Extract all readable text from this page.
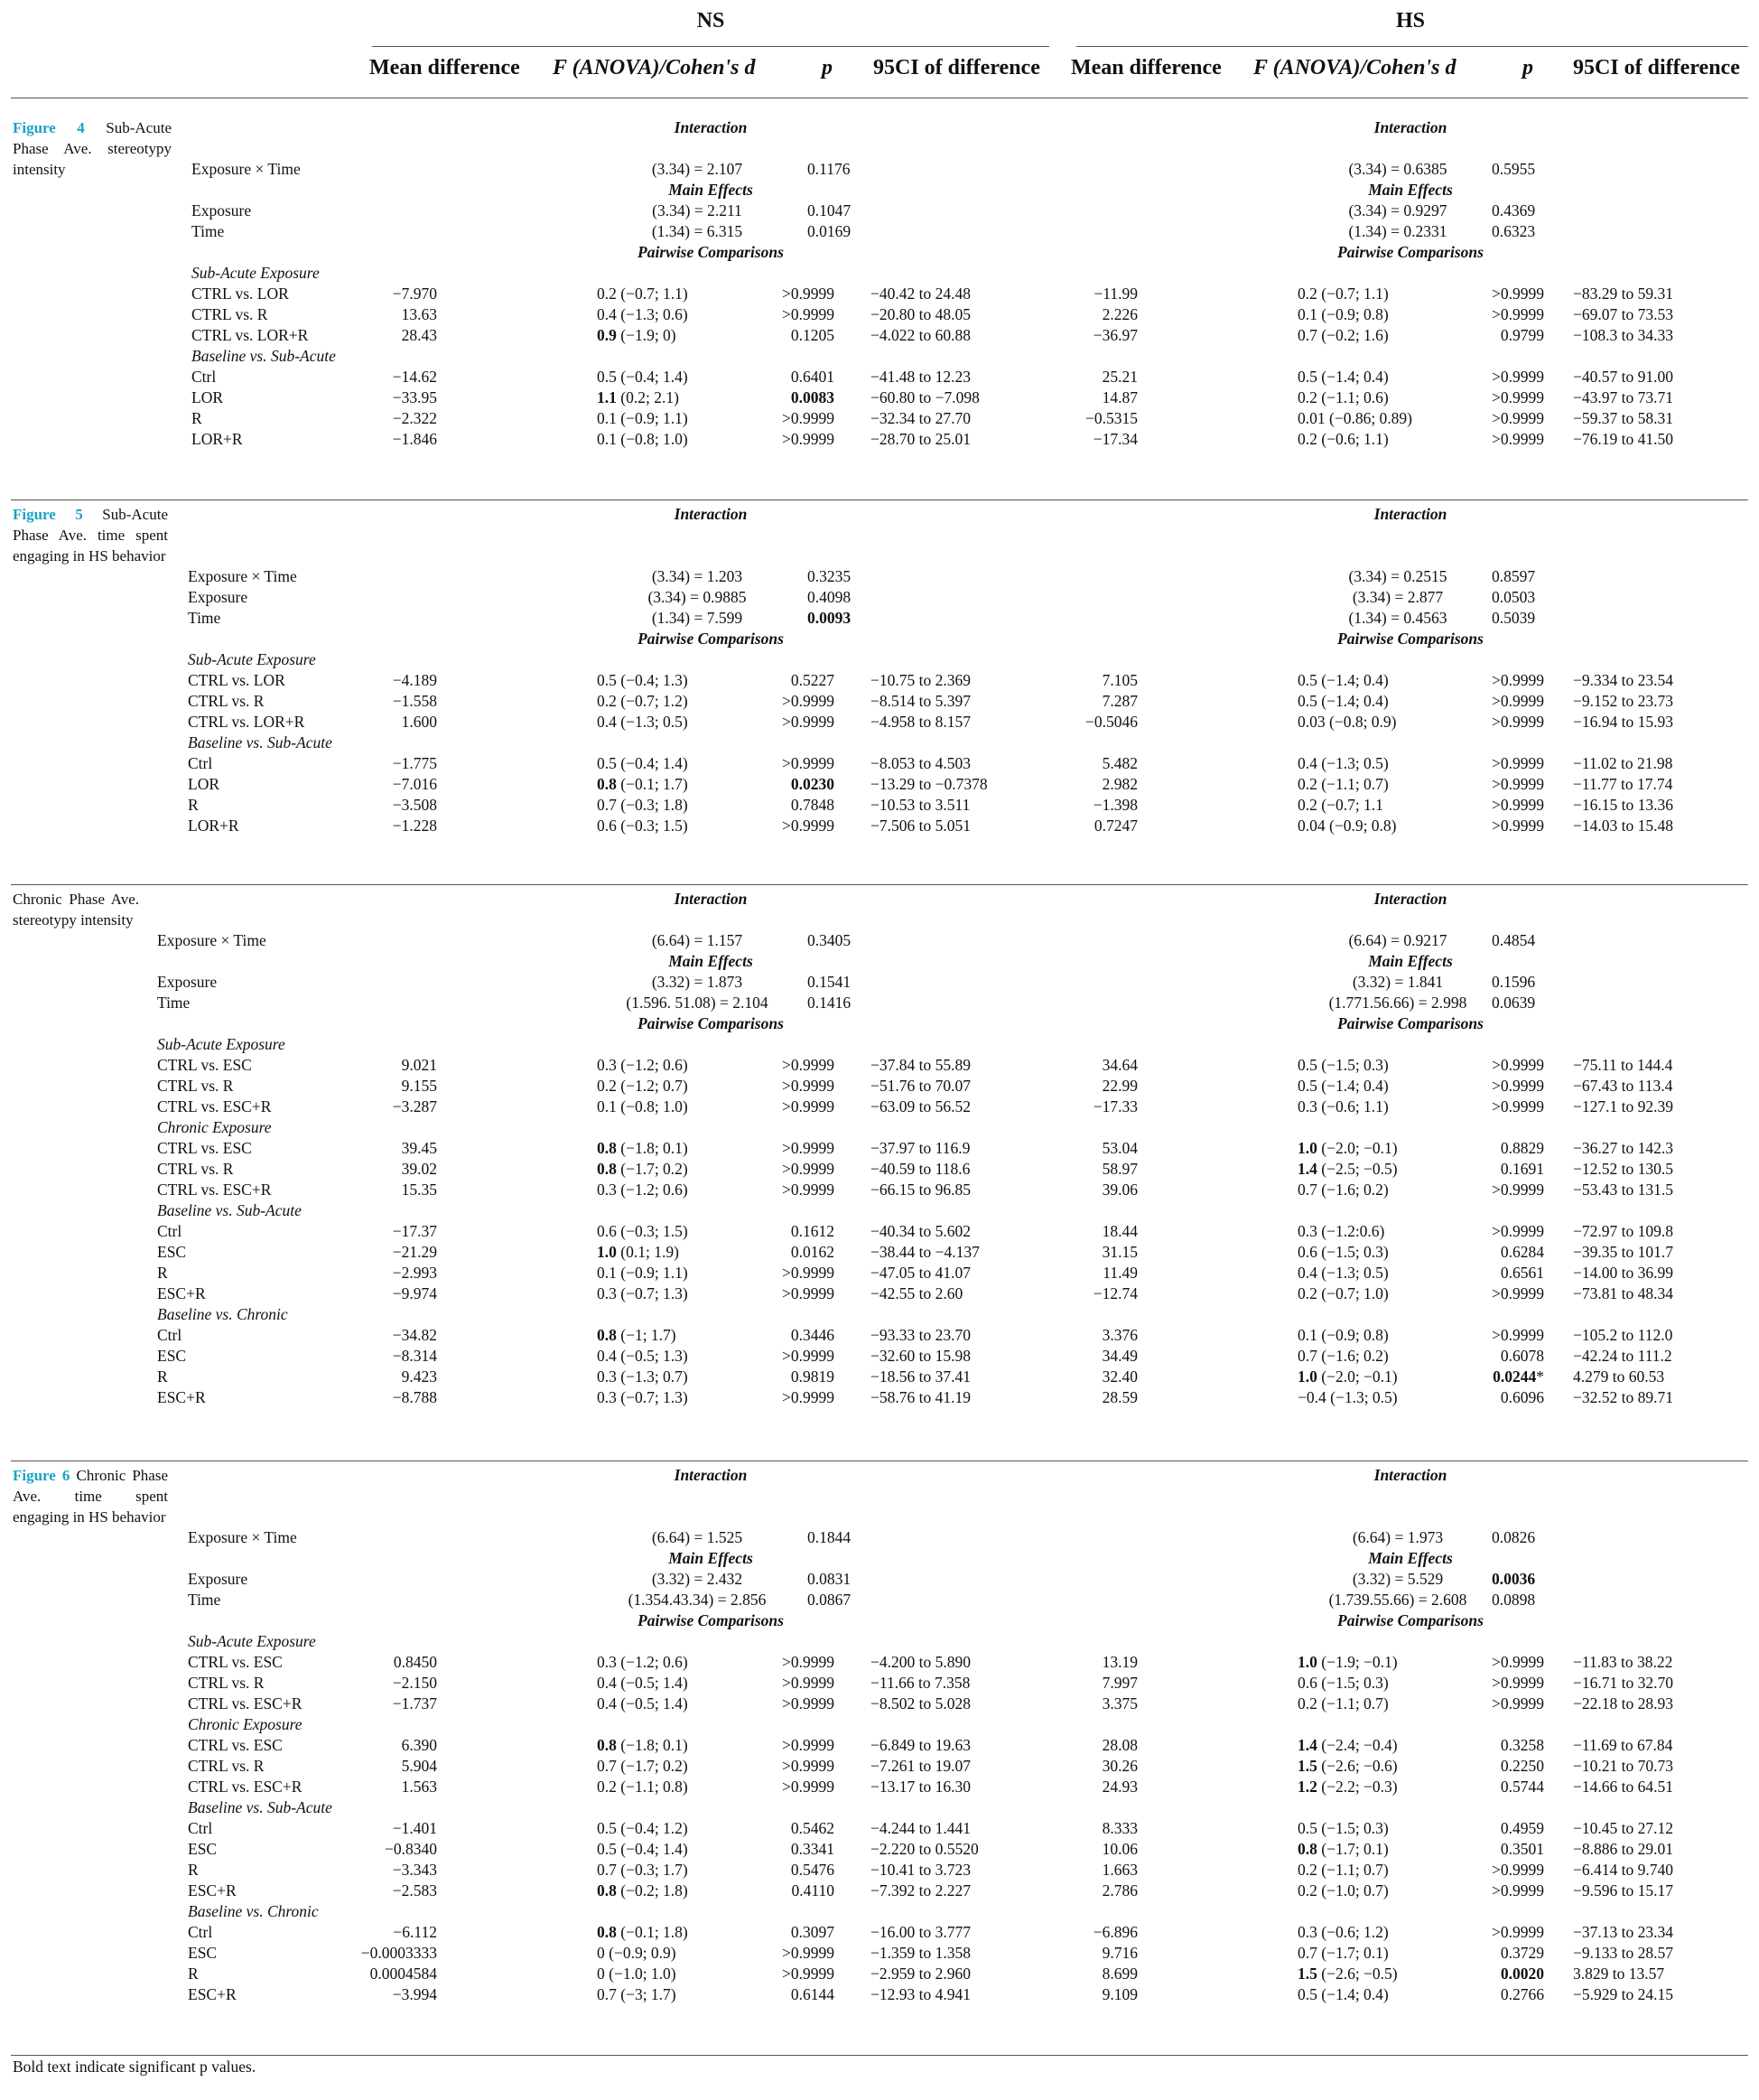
NS	HS
Mean difference F (ANOVA)/Cohen's d	p 95CI of difference Mean difference F (ANOVA)/Cohen's d	p 95CI of difference
Figure 4 Sub-Acute Phase Ave. stereotypy intensity
Interaction	Interaction
Exposure × Time	(3.34) = 2.107	0.1176	(3.34) = 0.6385	0.5955
Main Effects	Main Effects
Exposure	(3.34) = 2.211	0.1047	(3.34) = 0.9297	0.4369
Time	(1.34) = 6.315	0.0169	(1.34) = 0.2331	0.6323
Pairwise Comparisons	Pairwise Comparisons
Sub-Acute Exposure
CTRL vs. LOR	−7.970	0.2 (−0.7; 1.1)	>0.9999 −40.42 to 24.48	−11.99	0.2 (−0.7; 1.1)	>0.9999 −83.29 to 59.31
CTRL vs. R	13.63	0.4 (−1.3; 0.6)	>0.9999 −20.80 to 48.05	2.226	0.1 (−0.9; 0.8)	>0.9999 −69.07 to 73.53
CTRL vs. LOR+R	28.43	0.9 (−1.9; 0)	0.1205 −4.022 to 60.88	−36.97	0.7 (−0.2; 1.6)	0.9799 −108.3 to 34.33
Baseline vs. Sub-Acute
Ctrl	−14.62	0.5 (−0.4; 1.4)	0.6401 −41.48 to 12.23	25.21	0.5 (−1.4; 0.4)	>0.9999 −40.57 to 91.00
LOR	−33.95	1.1 (0.2; 2.1)	0.0083 −60.80 to −7.098	14.87	0.2 (−1.1; 0.6)	>0.9999 −43.97 to 73.71
R	−2.322	0.1 (−0.9; 1.1)	>0.9999 −32.34 to 27.70	−0.5315	0.01 (−0.86; 0.89)	>0.9999 −59.37 to 58.31
LOR+R	−1.846	0.1 (−0.8; 1.0)	>0.9999 −28.70 to 25.01	−17.34	0.2 (−0.6; 1.1)	>0.9999 −76.19 to 41.50
Figure 5 Sub-Acute Phase Ave. time spent engaging in HS behavior
Interaction	Interaction
Exposure × Time	(3.34) = 1.203	0.3235	(3.34) = 0.2515	0.8597
Exposure	(3.34) = 0.9885	0.4098	(3.34) = 2.877	0.0503
Time	(1.34) = 7.599	0.0093	(1.34) = 0.4563	0.5039
Pairwise Comparisons	Pairwise Comparisons
Sub-Acute Exposure
CTRL vs. LOR	−4.189	0.5 (−0.4; 1.3)	0.5227 −10.75 to 2.369	7.105	0.5 (−1.4; 0.4)	>0.9999 −9.334 to 23.54
CTRL vs. R	−1.558	0.2 (−0.7; 1.2)	>0.9999 −8.514 to 5.397	7.287	0.5 (−1.4; 0.4)	>0.9999 −9.152 to 23.73
CTRL vs. LOR+R	1.600	0.4 (−1.3; 0.5)	>0.9999 −4.958 to 8.157	−0.5046	0.03 (−0.8; 0.9)	>0.9999 −16.94 to 15.93
Baseline vs. Sub-Acute
Ctrl	−1.775	0.5 (−0.4; 1.4)	>0.9999 −8.053 to 4.503	5.482	0.4 (−1.3; 0.5)	>0.9999 −11.02 to 21.98
LOR	−7.016	0.8 (−0.1; 1.7)	0.0230 −13.29 to −0.7378	2.982	0.2 (−1.1; 0.7)	>0.9999 −11.77 to 17.74
R	−3.508	0.7 (−0.3; 1.8)	0.7848 −10.53 to 3.511	−1.398	0.2 (−0.7; 1.1	>0.9999 −16.15 to 13.36
LOR+R	−1.228	0.6 (−0.3; 1.5)	>0.9999 −7.506 to 5.051	0.7247	0.04 (−0.9; 0.8)	>0.9999 −14.03 to 15.48
Chronic Phase Ave. stereotypy intensity
Interaction	Interaction
Exposure × Time	(6.64) = 1.157	0.3405	(6.64) = 0.9217	0.4854
Main Effects	Main Effects
Exposure	(3.32) = 1.873	0.1541	(3.32) = 1.841	0.1596
Time	(1.596. 51.08) = 2.104 0.1416	(1.771.56.66) = 2.998 0.0639
Pairwise Comparisons	Pairwise Comparisons
Sub-Acute Exposure
CTRL vs. ESC	9.021	0.3 (−1.2; 0.6)	>0.9999 −37.84 to 55.89	34.64	0.5 (−1.5; 0.3)	>0.9999 −75.11 to 144.4
CTRL vs. R	9.155	0.2 (−1.2; 0.7)	>0.9999 −51.76 to 70.07	22.99	0.5 (−1.4; 0.4)	>0.9999 −67.43 to 113.4
CTRL vs. ESC+R	−3.287	0.1 (−0.8; 1.0)	>0.9999 −63.09 to 56.52	−17.33	0.3 (−0.6; 1.1)	>0.9999 −127.1 to 92.39
Chronic Exposure
CTRL vs. ESC	39.45	0.8 (−1.8; 0.1)	>0.9999 −37.97 to 116.9	53.04	1.0 (−2.0; −0.1)	0.8829 −36.27 to 142.3
CTRL vs. R	39.02	0.8 (−1.7; 0.2)	>0.9999 −40.59 to 118.6	58.97	1.4 (−2.5; −0.5)	0.1691 −12.52 to 130.5
CTRL vs. ESC+R	15.35	0.3 (−1.2; 0.6)	>0.9999 −66.15 to 96.85	39.06	0.7 (−1.6; 0.2)	>0.9999 −53.43 to 131.5
Baseline vs. Sub-Acute
Ctrl	−17.37	0.6 (−0.3; 1.5)	0.1612 −40.34 to 5.602	18.44	0.3 (−1.2:0.6)	>0.9999 −72.97 to 109.8
ESC	−21.29	1.0 (0.1; 1.9)	0.0162 −38.44 to −4.137	31.15	0.6 (−1.5; 0.3)	0.6284 −39.35 to 101.7
R	−2.993	0.1 (−0.9; 1.1)	>0.9999 −47.05 to 41.07	11.49	0.4 (−1.3; 0.5)	0.6561 −14.00 to 36.99
ESC+R	−9.974	0.3 (−0.7; 1.3)	>0.9999 −42.55 to 2.60	−12.74	0.2 (−0.7; 1.0)	>0.9999 −73.81 to 48.34
Baseline vs. Chronic
Ctrl	−34.82	0.8 (−1; 1.7)	0.3446 −93.33 to 23.70	3.376	0.1 (−0.9; 0.8)	>0.9999 −105.2 to 112.0
ESC	−8.314	0.4 (−0.5; 1.3)	>0.9999 −32.60 to 15.98	34.49	0.7 (−1.6; 0.2)	0.6078 −42.24 to 111.2
R	9.423	0.3 (−1.3; 0.7)	0.9819 −18.56 to 37.41	32.40	1.0 (−2.0; −0.1)	0.0244* 4.279 to 60.53
ESC+R	−8.788	0.3 (−0.7; 1.3)	>0.9999 −58.76 to 41.19	28.59	−0.4 (−1.3; 0.5)	0.6096 −32.52 to 89.71
Figure 6 Chronic Phase Ave. time spent engaging in HS behavior
Interaction	Interaction
Exposure × Time	(6.64) = 1.525	0.1844	(6.64) = 1.973	0.0826
Main Effects	Main Effects
Exposure	(3.32) = 2.432	0.0831	(3.32) = 5.529	0.0036
Time	(1.354.43.34) = 2.856	0.0867	(1.739.55.66) = 2.608 0.0898
Pairwise Comparisons	Pairwise Comparisons
Sub-Acute Exposure
CTRL vs. ESC	0.8450	0.3 (−1.2; 0.6)	>0.9999 −4.200 to 5.890	13.19	1.0 (−1.9; −0.1)	>0.9999 −11.83 to 38.22
CTRL vs. R	−2.150	0.4 (−0.5; 1.4)	>0.9999 −11.66 to 7.358	7.997	0.6 (−1.5; 0.3)	>0.9999 −16.71 to 32.70
CTRL vs. ESC+R	−1.737	0.4 (−0.5; 1.4)	>0.9999 −8.502 to 5.028	3.375	0.2 (−1.1; 0.7)	>0.9999 −22.18 to 28.93
Chronic Exposure
CTRL vs. ESC	6.390	0.8 (−1.8; 0.1)	>0.9999 −6.849 to 19.63	28.08	1.4 (−2.4; −0.4)	0.3258 −11.69 to 67.84
CTRL vs. R	5.904	0.7 (−1.7; 0.2)	>0.9999 −7.261 to 19.07	30.26	1.5 (−2.6; −0.6)	0.2250 −10.21 to 70.73
CTRL vs. ESC+R	1.563	0.2 (−1.1; 0.8)	>0.9999 −13.17 to 16.30	24.93	1.2 (−2.2; −0.3)	0.5744 −14.66 to 64.51
Baseline vs. Sub-Acute
Ctrl	−1.401	0.5 (−0.4; 1.2)	0.5462 −4.244 to 1.441	8.333	0.5 (−1.5; 0.3)	0.4959 −10.45 to 27.12
ESC	−0.8340	0.5 (−0.4; 1.4)	0.3341 −2.220 to 0.5520	10.06	0.8 (−1.7; 0.1)	0.3501 −8.886 to 29.01
R	−3.343	0.7 (−0.3; 1.7)	0.5476 −10.41 to 3.723	1.663	0.2 (−1.1; 0.7)	>0.9999 −6.414 to 9.740
ESC+R	−2.583	0.8 (−0.2; 1.8)	0.4110 −7.392 to 2.227	2.786	0.2 (−1.0; 0.7)	>0.9999 −9.596 to 15.17
Baseline vs. Chronic
Ctrl	−6.112	0.8 (−0.1; 1.8)	0.3097 −16.00 to 3.777	−6.896	0.3 (−0.6; 1.2)	>0.9999 −37.13 to 23.34
ESC	−0.0003333	0 (−0.9; 0.9)	>0.9999 −1.359 to 1.358	9.716	0.7 (−1.7; 0.1)	0.3729 −9.133 to 28.57
R	0.0004584	0 (−1.0; 1.0)	>0.9999 −2.959 to 2.960	8.699	1.5 (−2.6; −0.5)	0.0020 3.829 to 13.57
ESC+R	−3.994	0.7 (−3; 1.7)	0.6144 −12.93 to 4.941	9.109	0.5 (−1.4; 0.4)	0.2766 −5.929 to 24.15
Bold text indicate significant p values.
